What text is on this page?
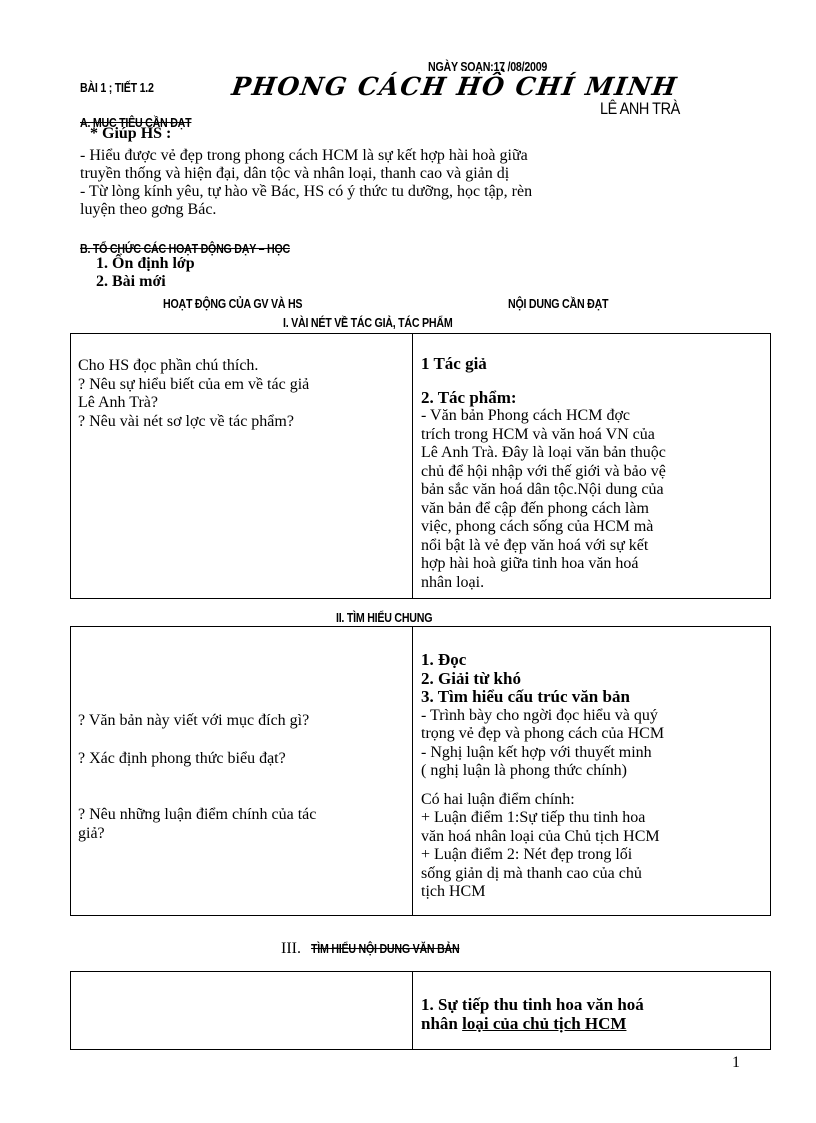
NGÀY SOẠN:17 /08/2009
BÀI 1 ; TIẾT 1.2	PHONG CÁCH HỒ CHÍ MINH
LÊ ANH TRÀ
A. MỤC TIÊU CẦN ĐẠT
* Giúp HS :
- Hiểu được vẻ đẹp trong phong cách HCM là sự kết hợp hài hoà giữa
truyền thống và hiện đại, dân tộc và nhân loại, thanh cao và giản dị
- Từ lòng kính yêu, tự hào về Bác, HS có ý thức tu dưỡng, học tập, rèn
luyện theo gơng Bác.
B. TỔ CHỨC CÁC HOẠT ĐỘNG DẠY – HỌC
1. Ổn định lớp
2. Bài mới
HOẠT ĐỘNG CỦA GV VÀ HS	NỘI DUNG CẦN ĐẠT
I. VÀI NÉT VỀ TÁC GIẢ, TÁC PHẨM

Cho HS đọc phần chú thích.

? Nêu sự hiểu biết của em về tác giả

Lê Anh Trà?

? Nêu vài nét sơ lợc về tác phẩm?

1 Tác giả

2. Tác phẩm:

- Văn bản Phong cách HCM đợc

trích trong HCM và văn hoá VN của

Lê Anh Trà. Đây là loại văn bản thuộc

chủ để hội nhập với thế giới và bảo vệ

bản sắc văn hoá dân tộc.Nội dung của

văn bản để cập đến phong cách làm

việc, phong cách sống của HCM mà

nổi bật là vẻ đẹp văn hoá với sự kết

hợp hài hoà giữa tinh hoa văn hoá

nhân loại.

II. TÌM HIỂU CHUNG
? Văn bản này viết với mục đích gì?
? Xác định phong thức biểu đạt?

? Nêu những luận điểm chính của tác

giả?

1. Đọc

2. Giải từ khó

3. Tìm hiểu cấu trúc văn bản

- Trình bày cho ngời đọc hiểu và quý

trọng vẻ đẹp và phong cách của HCM

- Nghị luận kết hợp với thuyết minh

( nghị luận là phong thức chính)

Có hai luận điểm chính:

+ Luận điểm 1:Sự tiếp thu tinh hoa

văn hoá nhân loại của Chủ tịch HCM

+ Luận điểm 2: Nét đẹp trong lối

sống giản dị mà thanh cao của chủ

tịch HCM

III. TÌM HIỂU NỘI DUNG VĂN BẢN

1. Sự tiếp thu tinh hoa văn hoá

nhân loại của chủ tịch HCM

1
